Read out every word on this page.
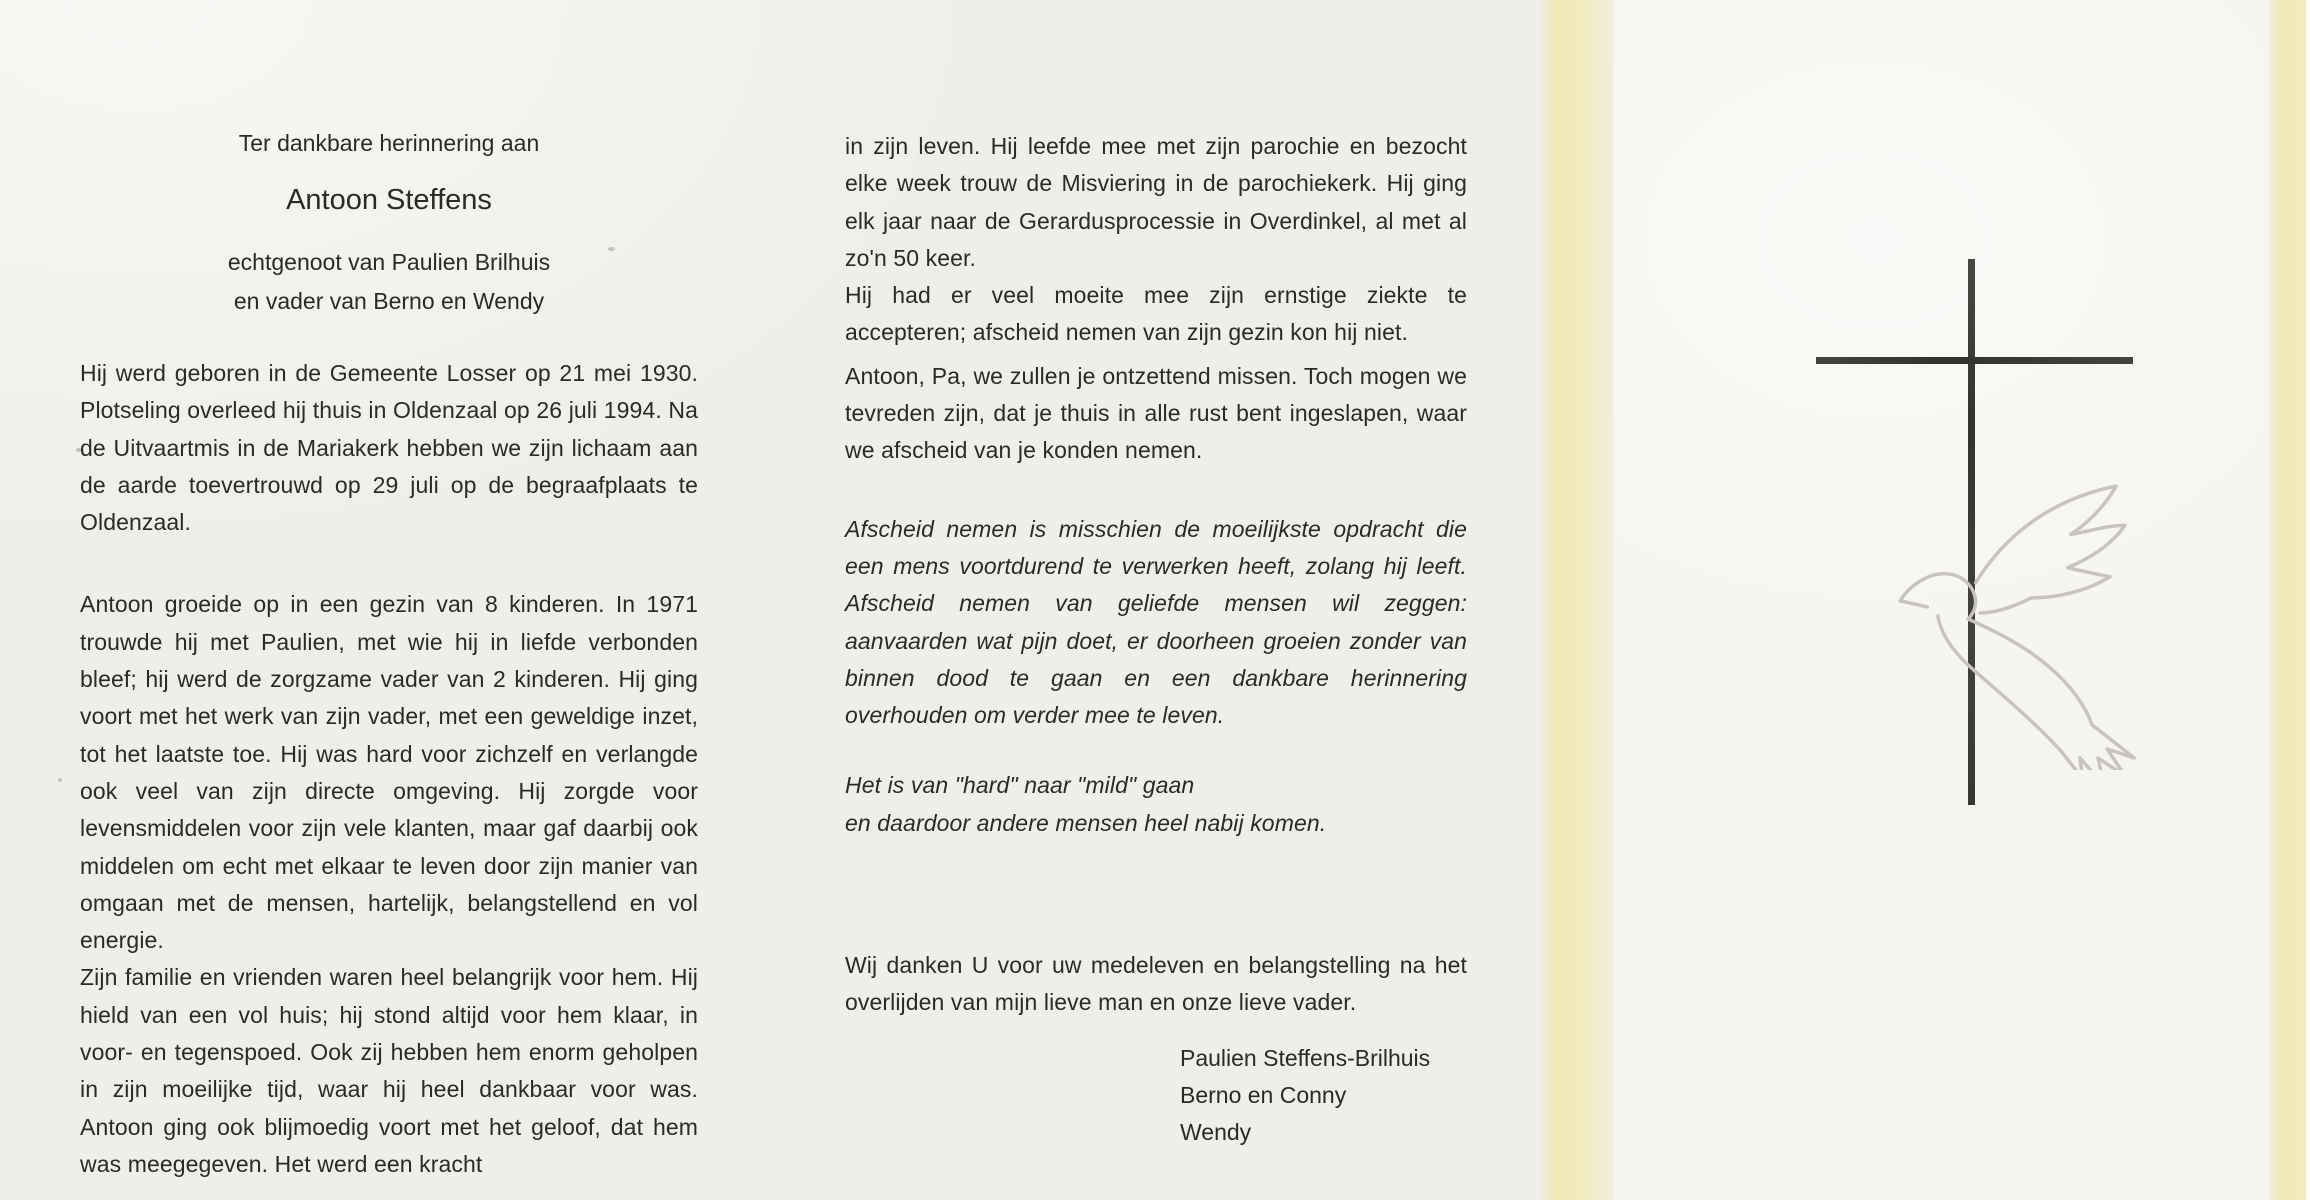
Ter dankbare herinnering aan

Antoon Steffens

echtgenoot van Paulien Brilhuis

en vader van Berno en Wendy

Hij werd geboren in de Gemeente Losser op 21 mei 1930. Plotseling overleed hij thuis in Oldenzaal op 26 juli 1994. Na de Uitvaartmis in de Mariakerk hebben we zijn lichaam aan de aarde toevertrouwd op 29 juli op de begraafplaats te Oldenzaal.

Antoon groeide op in een gezin van 8 kinderen. In 1971 trouwde hij met Paulien, met wie hij in liefde verbonden bleef; hij werd de zorgzame vader van 2 kinderen. Hij ging voort met het werk van zijn vader, met een geweldige inzet, tot het laatste toe. Hij was hard voor zichzelf en verlangde ook veel van zijn directe omgeving. Hij zorgde voor levensmiddelen voor zijn vele klanten, maar gaf daarbij ook middelen om echt met elkaar te leven door zijn manier van omgaan met de mensen, hartelijk, belangstellend en vol energie.

Zijn familie en vrienden waren heel belangrijk voor hem. Hij hield van een vol huis; hij stond altijd voor hem klaar, in voor- en tegenspoed. Ook zij hebben hem enorm geholpen in zijn moeilijke tijd, waar hij heel dankbaar voor was. Antoon ging ook blijmoedig voort met het geloof, dat hem was meegegeven. Het werd een kracht

in zijn leven. Hij leefde mee met zijn parochie en bezocht elke week trouw de Misviering in de parochiekerk. Hij ging elk jaar naar de Gerardusprocessie in Overdinkel, al met al zo'n 50 keer.

Hij had er veel moeite mee zijn ernstige ziekte te accepteren; afscheid nemen van zijn gezin kon hij niet.

Antoon, Pa, we zullen je ontzettend missen. Toch mogen we tevreden zijn, dat je thuis in alle rust bent ingeslapen, waar we afscheid van je konden nemen.

Afscheid nemen is misschien de moeilijkste opdracht die een mens voortdurend te verwerken heeft, zolang hij leeft. Afscheid nemen van geliefde mensen wil zeggen: aanvaarden wat pijn doet, er doorheen groeien zonder van binnen dood te gaan en een dankbare herinnering overhouden om verder mee te leven.

Het is van "hard" naar "mild" gaan

en daardoor andere mensen heel nabij komen.

Wij danken U voor uw medeleven en belangstelling na het overlijden van mijn lieve man en onze lieve vader.

Paulien Steffens-Brilhuis

Berno en Conny

Wendy
